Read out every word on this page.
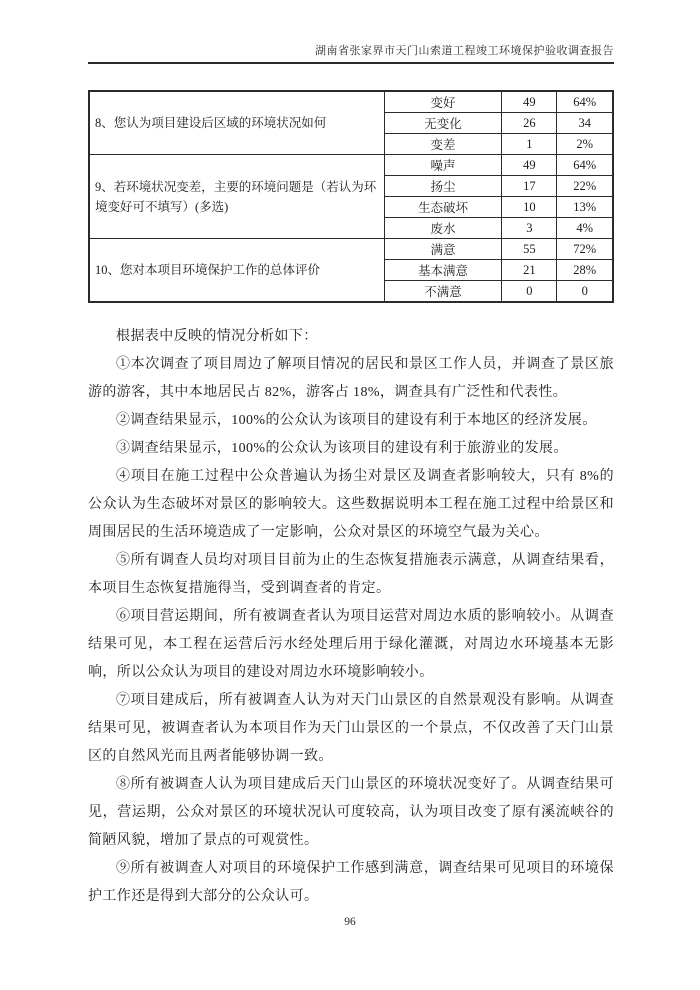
湖南省张家界市天门山索道工程竣工环境保护验收调查报告
8、您认为项目建设后区域的环境状况如何	变好	49	64%
	无变化	26	34
	变差	1	2%
9、若环境状况变差，主要的环境问题是（若认为环境变好可不填写）(多选)	噪声	49	64%
	扬尘	17	22%
	生态破坏	10	13%
	废水	3	4%
10、您对本项目环境保护工作的总体评价	满意	55	72%
	基本满意	21	28%
	不满意	0	0

根据表中反映的情况分析如下：

①本次调查了项目周边了解项目情况的居民和景区工作人员，并调查了景区旅游的游客，其中本地居民占 82%，游客占 18%，调查具有广泛性和代表性。

②调查结果显示，100%的公众认为该项目的建设有利于本地区的经济发展。

③调查结果显示，100%的公众认为该项目的建设有利于旅游业的发展。

④项目在施工过程中公众普遍认为扬尘对景区及调查者影响较大，只有 8%的公众认为生态破坏对景区的影响较大。这些数据说明本工程在施工过程中给景区和周围居民的生活环境造成了一定影响，公众对景区的环境空气最为关心。

⑤所有调查人员均对项目目前为止的生态恢复措施表示满意，从调查结果看，本项目生态恢复措施得当，受到调查者的肯定。

⑥项目营运期间，所有被调查者认为项目运营对周边水质的影响较小。从调查结果可见，本工程在运营后污水经处理后用于绿化灌溉，对周边水环境基本无影响，所以公众认为项目的建设对周边水环境影响较小。

⑦项目建成后，所有被调查人认为对天门山景区的自然景观没有影响。从调查结果可见，被调查者认为本项目作为天门山景区的一个景点，不仅改善了天门山景区的自然风光而且两者能够协调一致。

⑧所有被调查人认为项目建成后天门山景区的环境状况变好了。从调查结果可见，营运期，公众对景区的环境状况认可度较高，认为项目改变了原有溪流峡谷的简陋风貌，增加了景点的可观赏性。

⑨所有被调查人对项目的环境保护工作感到满意，调查结果可见项目的环境保护工作还是得到大部分的公众认可。

96
